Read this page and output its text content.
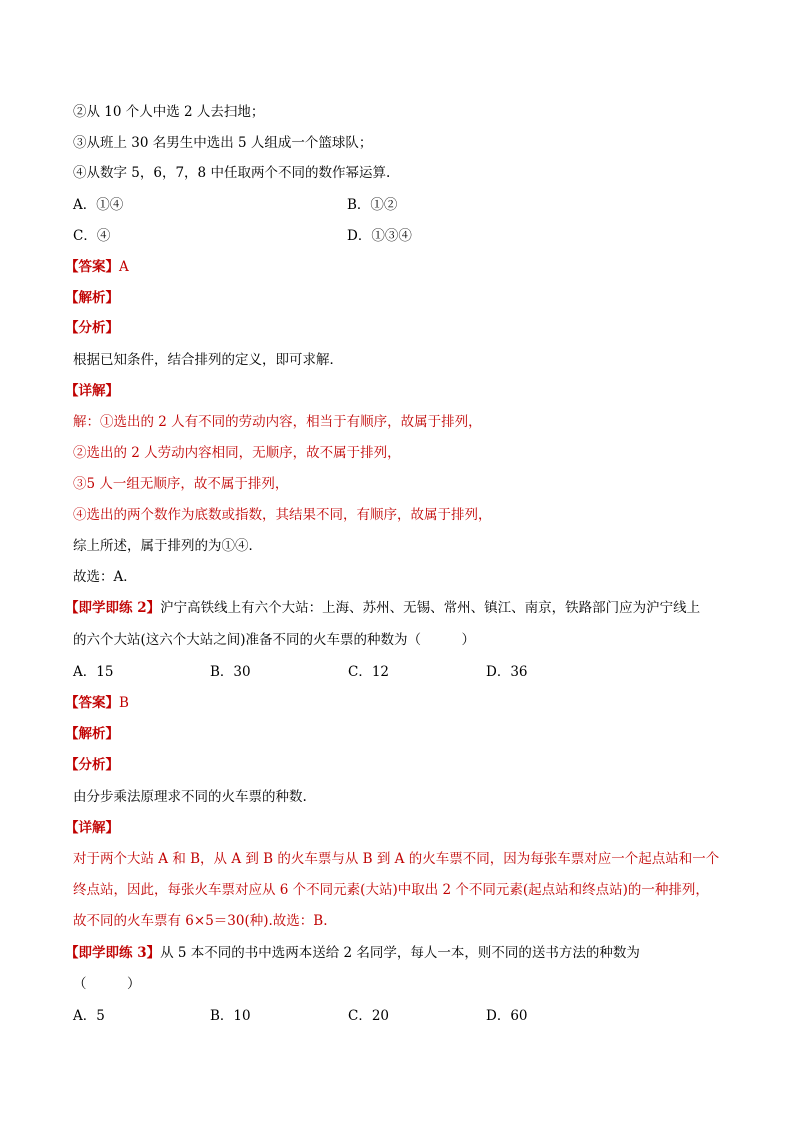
②从 10 个人中选 2 人去扫地；
③从班上 30 名男生中选出 5 人组成一个篮球队；
④从数字 5，6，7，8 中任取两个不同的数作幂运算.
A．①④	B．①②
C．④	D．①③④
【答案】A
【解析】
【分析】
根据已知条件，结合排列的定义，即可求解．
【详解】
解：①选出的 2 人有不同的劳动内容，相当于有顺序，故属于排列，
②选出的 2 人劳动内容相同，无顺序，故不属于排列，
③5 人一组无顺序，故不属于排列，
④选出的两个数作为底数或指数，其结果不同，有顺序，故属于排列，
综上所述，属于排列的为①④．
故选：A．
【即学即练 2】沪宁高铁线上有六个大站：上海、苏州、无锡、常州、镇江、南京，铁路部门应为沪宁线上
的六个大站(这六个大站之间)准备不同的火车票的种数为（　　　）
A．15	B．30	C．12	D．36
【答案】B
【解析】
【分析】
由分步乘法原理求不同的火车票的种数.
【详解】
对于两个大站 A 和 B，从 A 到 B 的火车票与从 B 到 A 的火车票不同，因为每张车票对应一个起点站和一个
终点站，因此，每张火车票对应从 6 个不同元素(大站)中取出 2 个不同元素(起点站和终点站)的一种排列，
故不同的火车票有 6×5＝30(种).故选：B.
【即学即练 3】从 5 本不同的书中选两本送给 2 名同学，每人一本，则不同的送书方法的种数为
（　　　）
A．5	B．10	C．20	D．60
